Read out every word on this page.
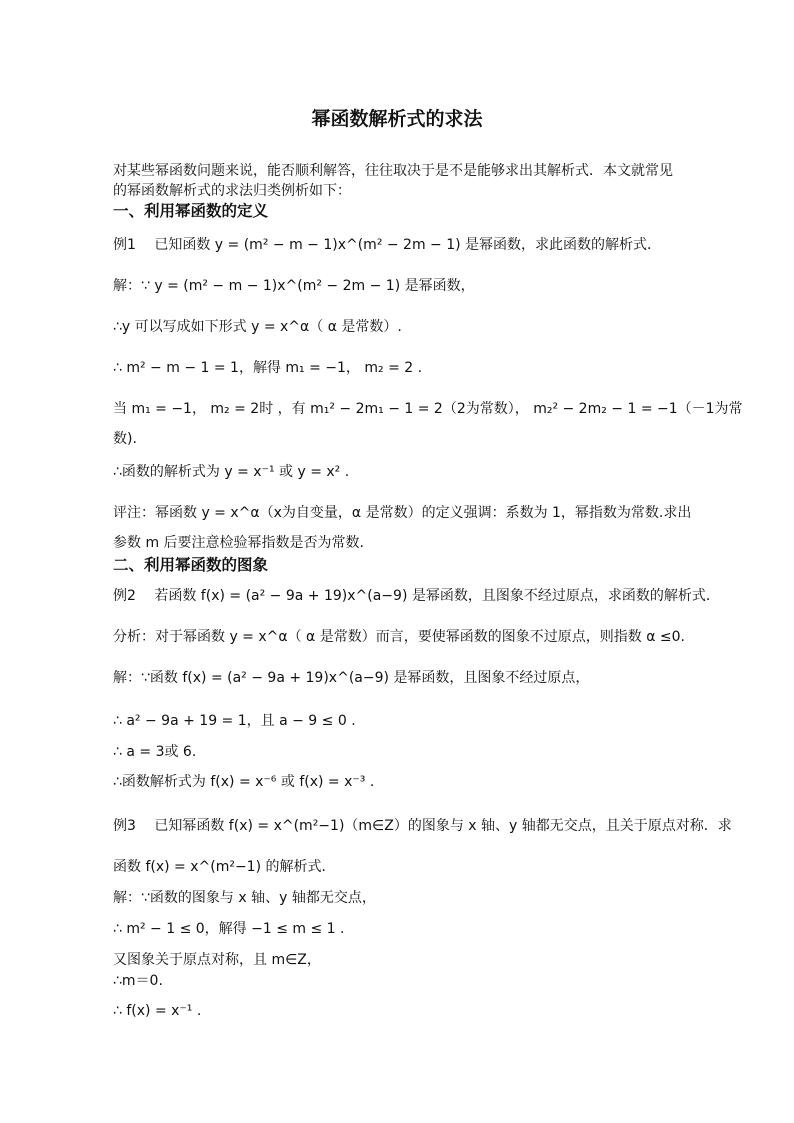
幂函数解析式的求法
对某些幂函数问题来说，能否顺利解答，往往取决于是不是能够求出其解析式．本文就常见
的幂函数解析式的求法归类例析如下：
一、利用幂函数的定义
例1　 已知函数 y = (m² − m − 1)x^(m² − 2m − 1) 是幂函数，求此函数的解析式．
解：∵ y = (m² − m − 1)x^(m² − 2m − 1) 是幂函数，
∴y 可以写成如下形式 y = x^α（ α 是常数）.
∴ m² − m − 1 = 1，解得 m₁ = −1， m₂ = 2 .
当 m₁ = −1， m₂ = 2时 ，有 m₁² − 2m₁ − 1 = 2（2为常数）， m₂² − 2m₂ − 1 = −1（－1为常
数).
∴函数的解析式为 y = x⁻¹ 或 y = x² .
评注：幂函数 y = x^α（x为自变量，α 是常数）的定义强调：系数为 1，幂指数为常数.求出
参数 m 后要注意检验幂指数是否为常数.
二、利用幂函数的图象
例2　 若函数 f(x) = (a² − 9a + 19)x^(a−9) 是幂函数，且图象不经过原点，求函数的解析式．
分析：对于幂函数 y = x^α（ α 是常数）而言，要使幂函数的图象不过原点，则指数 α ≤0.
解：∵函数 f(x) = (a² − 9a + 19)x^(a−9) 是幂函数，且图象不经过原点，
∴ a² − 9a + 19 = 1，且 a − 9 ≤ 0 .
∴ a = 3或 6.
∴函数解析式为 f(x) = x⁻⁶ 或 f(x) = x⁻³ .
例3　 已知幂函数 f(x) = x^(m²−1)（m∈Z）的图象与 x 轴、y 轴都无交点，且关于原点对称．求
函数 f(x) = x^(m²−1) 的解析式．
解：∵函数的图象与 x 轴、y 轴都无交点，
∴ m² − 1 ≤ 0，解得 −1 ≤ m ≤ 1 .
又图象关于原点对称，且 m∈Z，
∴m＝0.
∴ f(x) = x⁻¹ .
